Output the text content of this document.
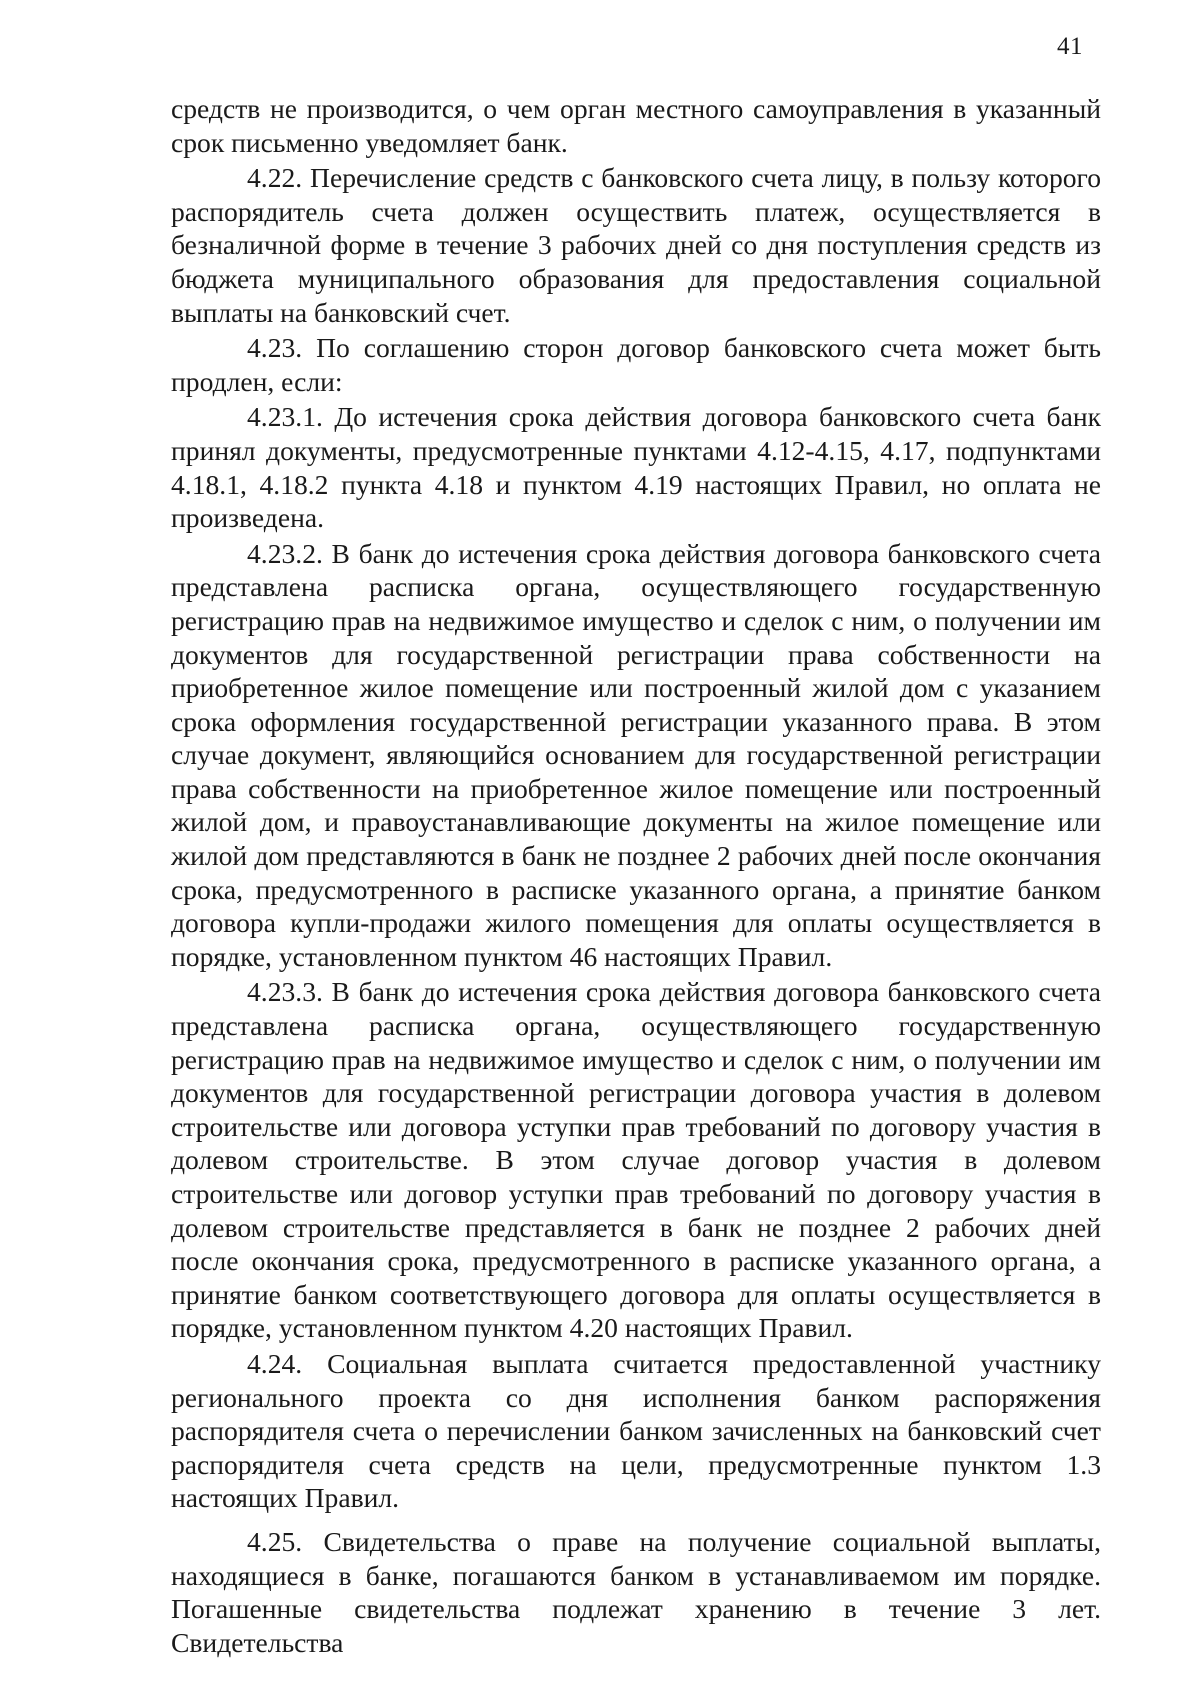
41

средств не производится, о чем орган местного самоуправления в указанный срок письменно уведомляет банк.

4.22. Перечисление средств с банковского счета лицу, в пользу которого распорядитель счета должен осуществить платеж, осуществляется в безналичной форме в течение 3 рабочих дней со дня поступления средств из бюджета муниципального образования для предоставления социальной выплаты на банковский счет.

4.23. По соглашению сторон договор банковского счета может быть продлен, если:

4.23.1. До истечения срока действия договора банковского счета банк принял документы, предусмотренные пунктами 4.12-4.15, 4.17, подпунктами 4.18.1, 4.18.2 пункта 4.18 и пунктом 4.19 настоящих Правил, но оплата не произведена.

4.23.2. В банк до истечения срока действия договора банковского счета представлена расписка органа, осуществляющего государственную регистрацию прав на недвижимое имущество и сделок с ним, о получении им документов для государственной регистрации права собственности на приобретенное жилое помещение или построенный жилой дом с указанием срока оформления государственной регистрации указанного права. В этом случае документ, являющийся основанием для государственной регистрации права собственности на приобретенное жилое помещение или построенный жилой дом, и правоустанавливающие документы на жилое помещение или жилой дом представляются в банк не позднее 2 рабочих дней после окончания срока, предусмотренного в расписке указанного органа, а принятие банком договора купли-продажи жилого помещения для оплаты осуществляется в порядке, установленном пунктом 46 настоящих Правил.

4.23.3. В банк до истечения срока действия договора банковского счета представлена расписка органа, осуществляющего государственную регистрацию прав на недвижимое имущество и сделок с ним, о получении им документов для государственной регистрации договора участия в долевом строительстве или договора уступки прав требований по договору участия в долевом строительстве. В этом случае договор участия в долевом строительстве или договор уступки прав требований по договору участия в долевом строительстве представляется в банк не позднее 2 рабочих дней после окончания срока, предусмотренного в расписке указанного органа, а принятие банком соответствующего договора для оплаты осуществляется в порядке, установленном пунктом 4.20 настоящих Правил.

4.24. Социальная выплата считается предоставленной участнику регионального проекта со дня исполнения банком распоряжения распорядителя счета о перечислении банком зачисленных на банковский счет распорядителя счета средств на цели, предусмотренные пунктом 1.3 настоящих Правил.

4.25. Свидетельства о праве на получение социальной выплаты, находящиеся в банке, погашаются банком в устанавливаемом им порядке. Погашенные свидетельства подлежат хранению в течение 3 лет. Свидетельства
